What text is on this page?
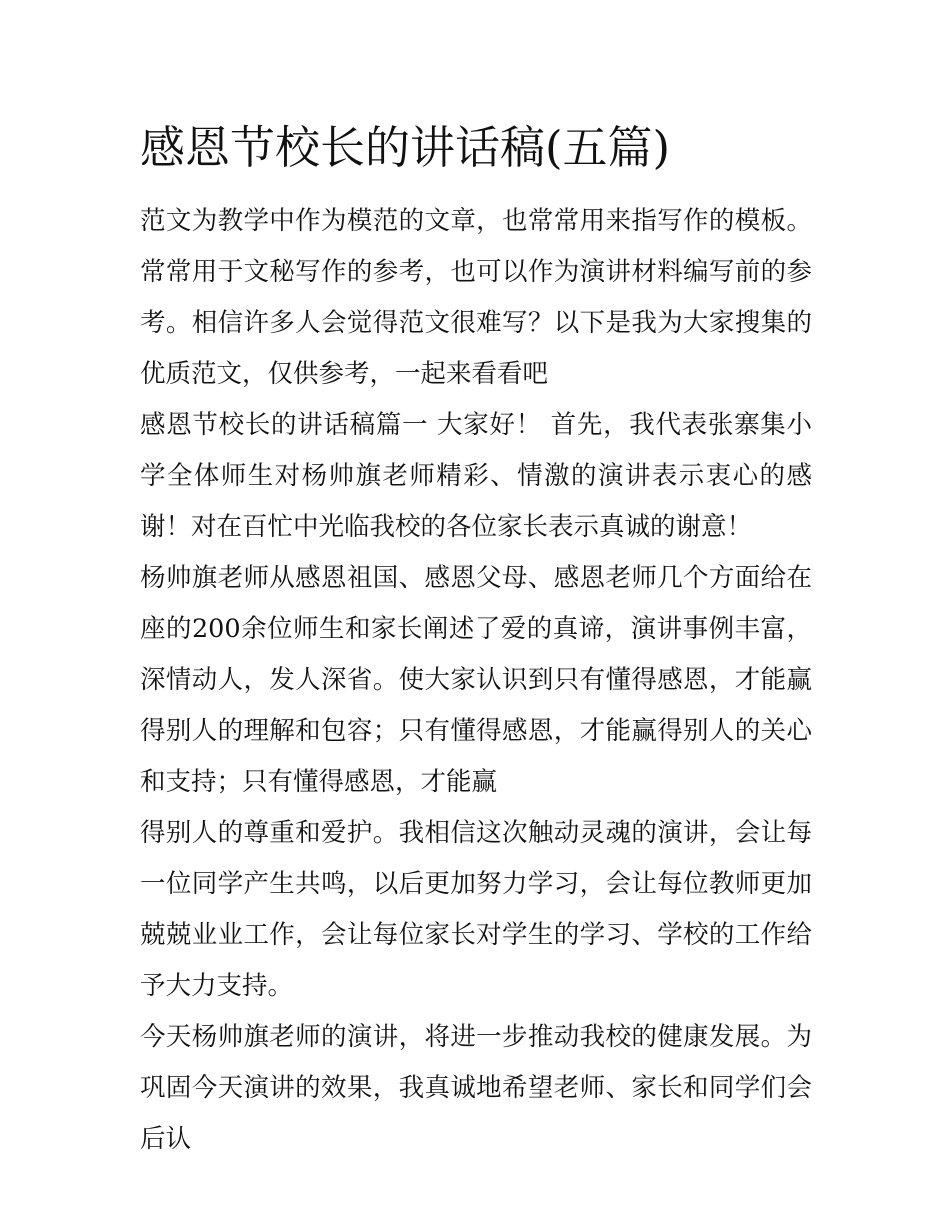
感恩节校长的讲话稿(五篇)

范文为教学中作为模范的文章，也常常用来指写作的模板。常常用于文秘写作的参考，也可以作为演讲材料编写前的参考。相信许多人会觉得范文很难写？以下是我为大家搜集的优质范文，仅供参考，一起来看看吧

感恩节校长的讲话稿篇一 大家好！ 首先，我代表张寨集小学全体师生对杨帅旗老师精彩、情激的演讲表示衷心的感谢！对在百忙中光临我校的各位家长表示真诚的谢意！

杨帅旗老师从感恩祖国、感恩父母、感恩老师几个方面给在座的200余位师生和家长阐述了爱的真谛，演讲事例丰富，深情动人，发人深省。使大家认识到只有懂得感恩，才能赢得别人的理解和包容；只有懂得感恩，才能赢得别人的关心和支持；只有懂得感恩，才能赢

得别人的尊重和爱护。我相信这次触动灵魂的演讲，会让每一位同学产生共鸣，以后更加努力学习，会让每位教师更加兢兢业业工作，会让每位家长对学生的学习、学校的工作给予大力支持。

今天杨帅旗老师的演讲，将进一步推动我校的健康发展。为巩固今天演讲的效果，我真诚地希望老师、家长和同学们会后认
